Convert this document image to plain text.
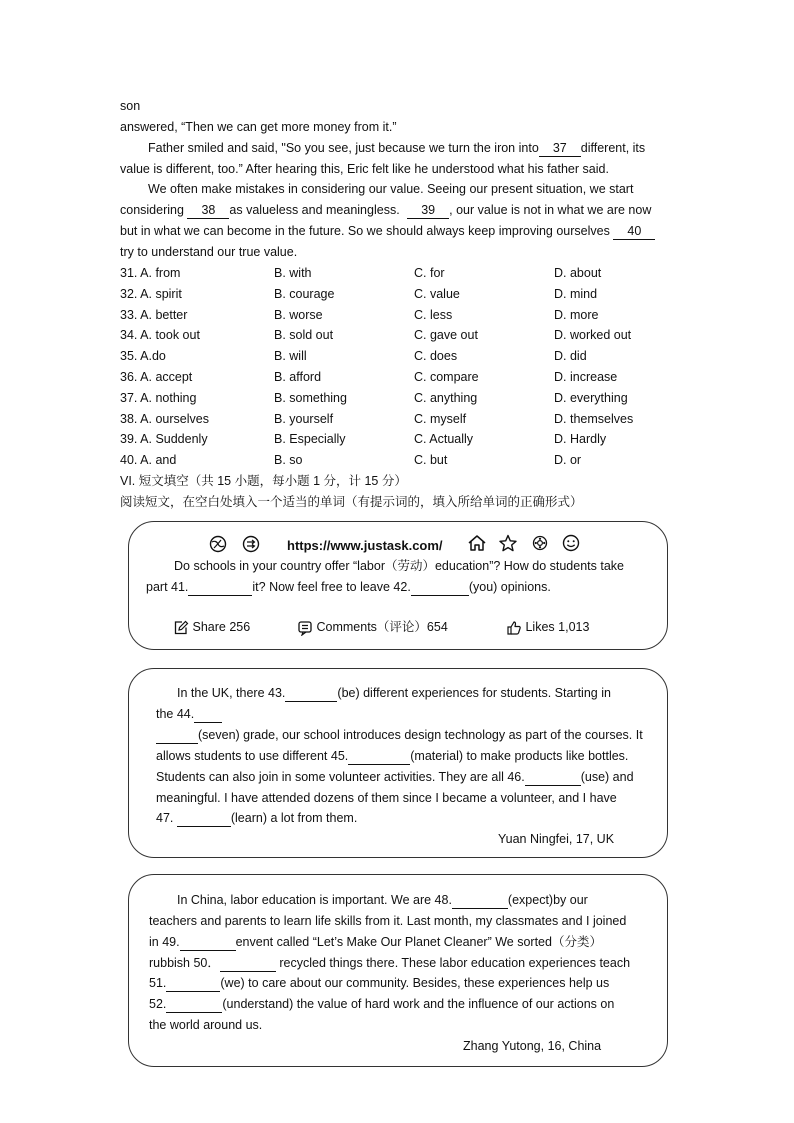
son
answered, “Then we can get more money from it.”
Father smiled and said, "So you see, just because we turn the iron into 37 different, its
value is different, too.” After hearing this, Eric felt like he understood what his father said.
We often make mistakes in considering our value. Seeing our present situation, we start
considering 38 as valueless and meaningless. 39 , our value is not in what we are now
but in what we can become in the future. So we should always keep improving ourselves 40
try to understand our true value.
31. A. from	B. with	C. for	D. about
32. A. spirit	B. courage	C. value	D. mind
33. A. better	B. worse	C. less	D. more
34. A. took out	B. sold out	C. gave out	D. worked out
35. A.do	B. will	C. does	D. did
36. A. accept	B. afford	C. compare	D. increase
37. A. nothing	B. something	C. anything	D. everything
38. A. ourselves	B. yourself	C. myself	D. themselves
39. A. Suddenly	B. Especially	C. Actually	D. Hardly
40. A. and	B. so	C. but	D. or
VI. 短文填空（共 15 小题，每小题 1 分，计 15 分）
阅读短文，在空白处填入一个适当的单词（有提示词的，填入所给单词的正确形式）

https://www.justask.com/

Do schools in your country offer “labor（劳动）education”? How do students take
part 41.	it? Now feel free to leave 42.	(you) opinions.
Share 256	Comments（评论）654	Likes 1,013
In the UK, there 43.	(be) different experiences for students. Starting in
the 44.
(seven) grade, our school introduces design technology as part of the courses. It
allows students to use different 45.	(material) to make products like bottles.
Students can also join in some volunteer activities. They are all 46.	(use) and
meaningful. I have attended dozens of them since I became a volunteer, and I have
47.	(learn) a lot from them.
Yuan Ningfei, 17, UK
In China, labor education is important. We are 48.	(expect)by our
teachers and parents to learn life skills from it. Last month, my classmates and I joined
in 49.	envent called “Let’s Make Our Planet Cleaner” We sorted（分类）
rubbish 50．	recycled things there. These labor education experiences teach
51.	(we) to care about our community. Besides, these experiences help us
52.	(understand) the value of hard work and the influence of our actions on
the world around us.
Zhang Yutong, 16, China
